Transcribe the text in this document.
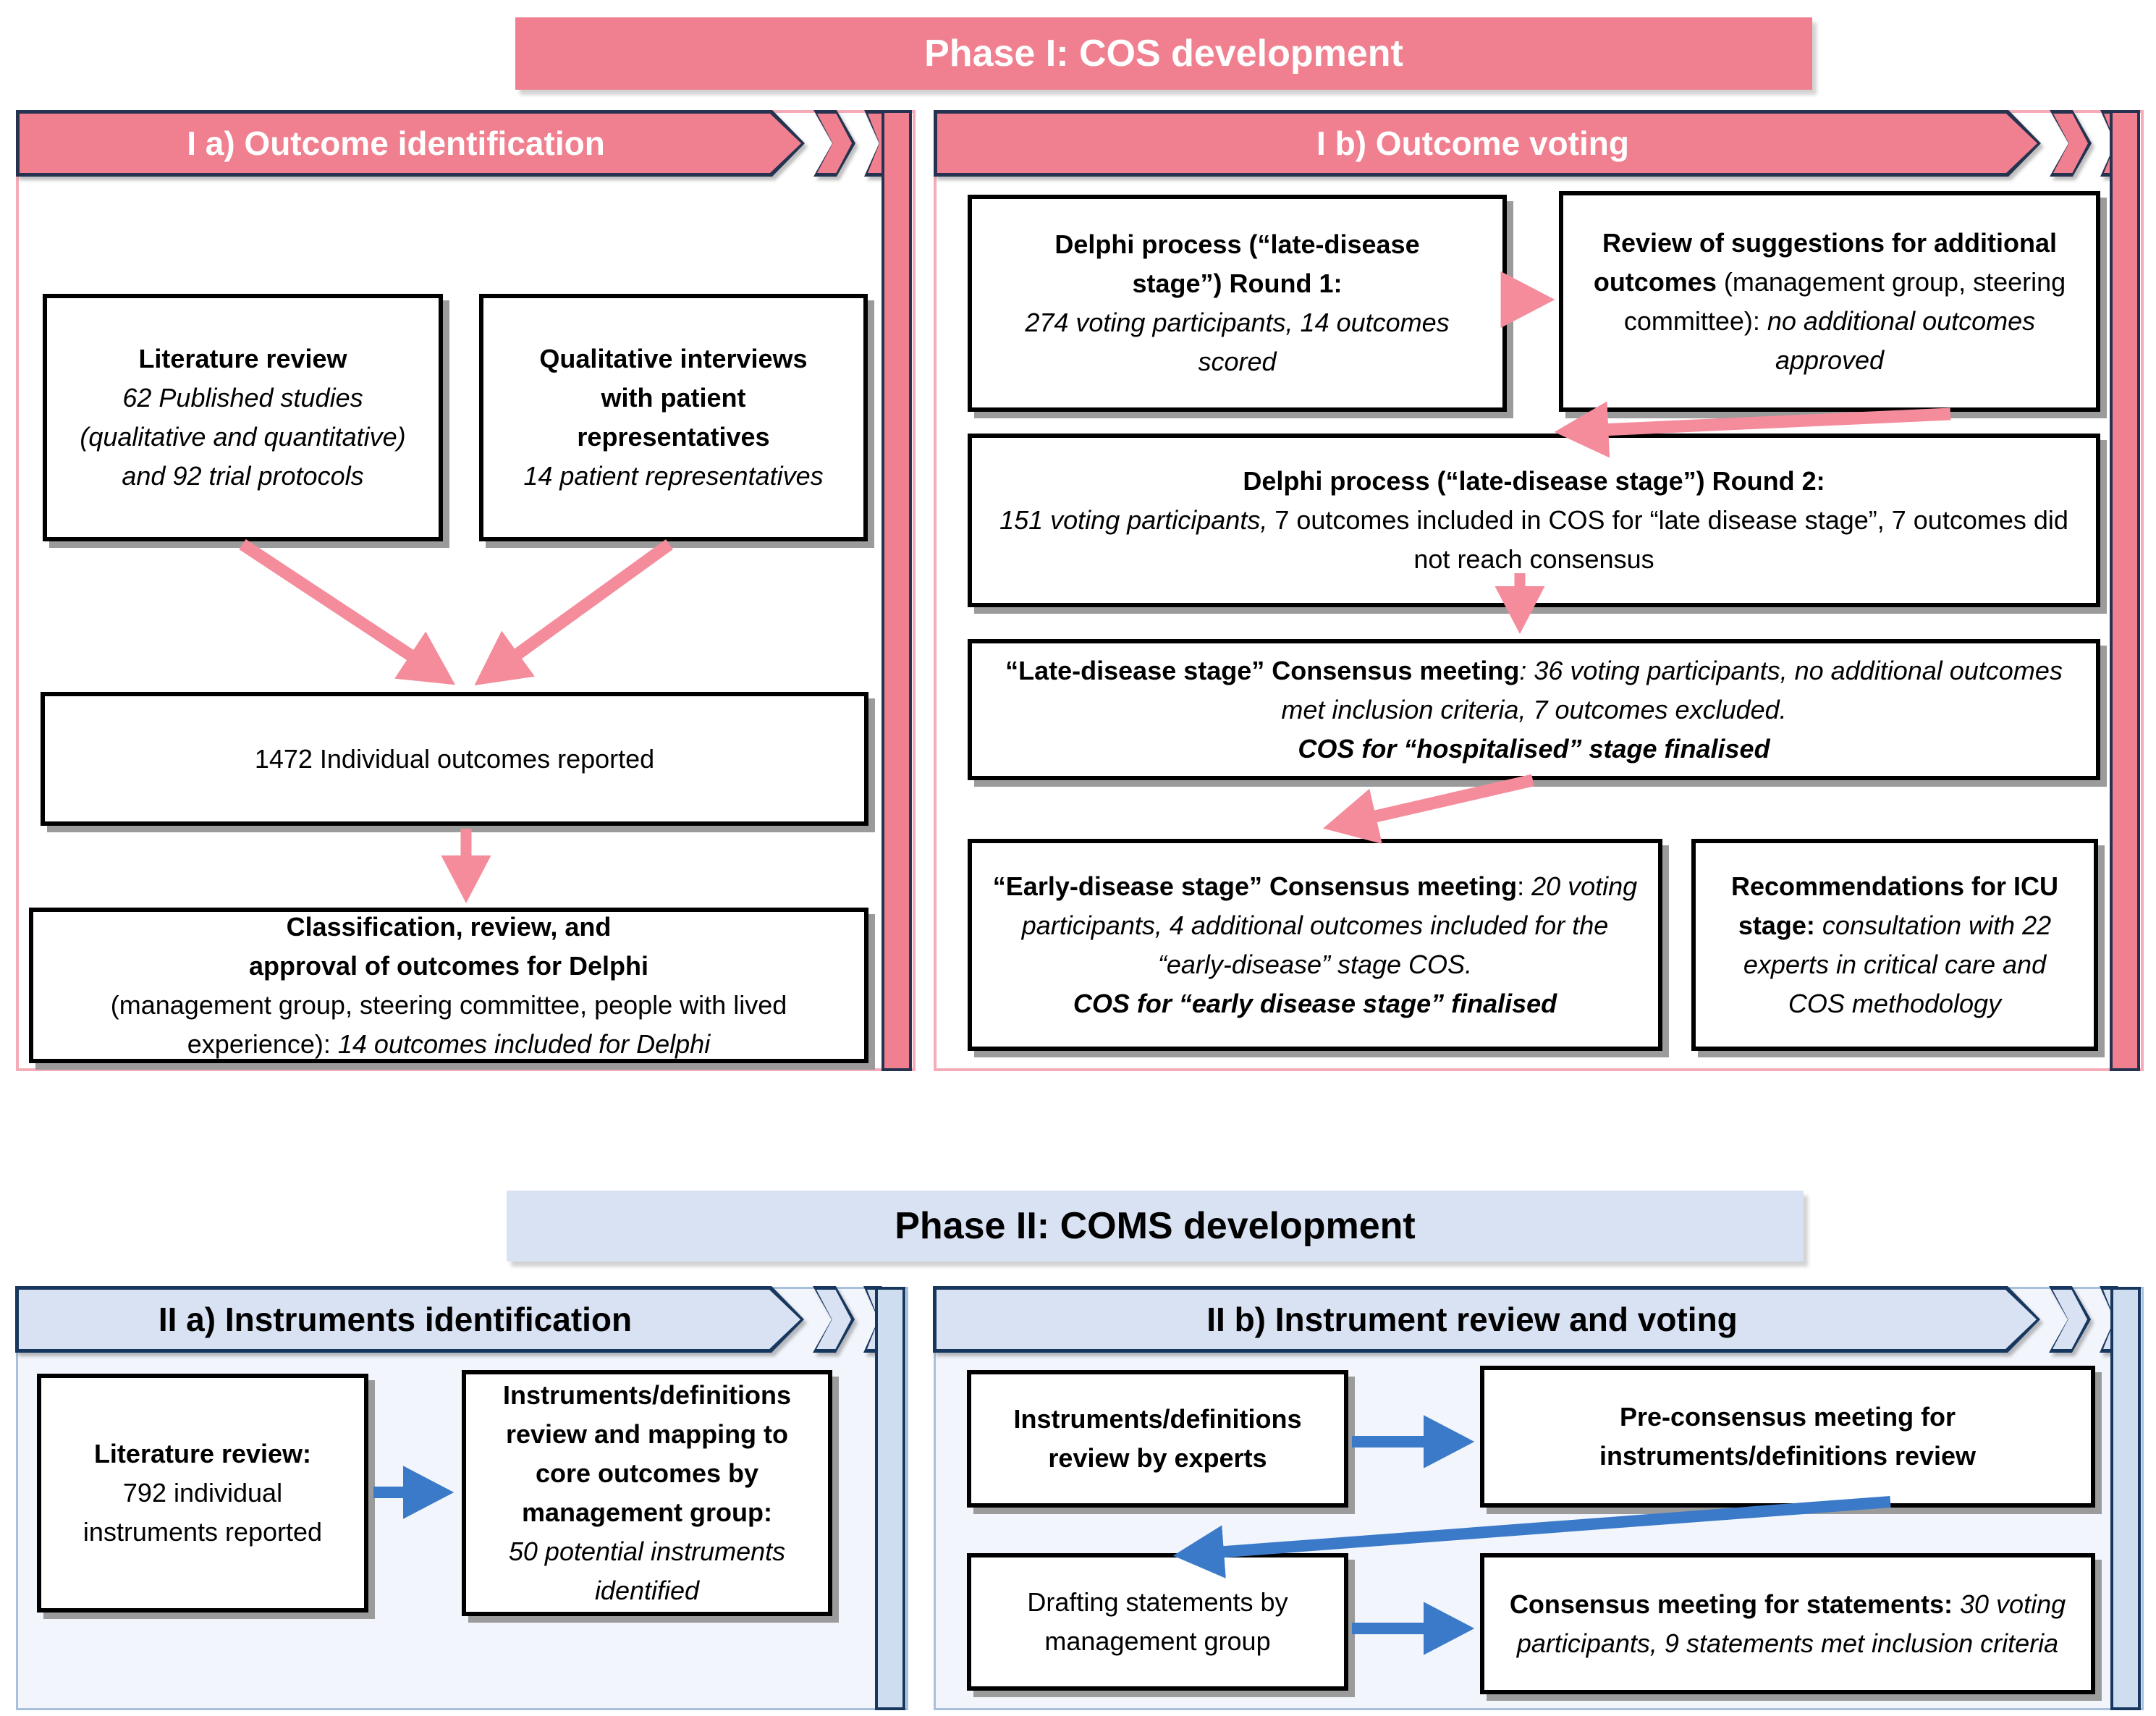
Phase I: COS development
I a) Outcome identification

Literature review

62 Published studies (qualitative and quantitative) and 92 trial protocols

Qualitative interviews with patient representatives

14 patient representatives

1472 Individual outcomes reported

Classification, review, and

approval of outcomes for Delphi

(management group, steering committee, people with lived experience): 14 outcomes included for Delphi

I b) Outcome voting

Delphi process (“late-disease stage”) Round 1:

274 voting participants, 14 outcomes scored

Review of suggestions for additional outcomes (management group, steering committee): no additional outcomes approved

Delphi process (“late-disease stage”) Round 2:

151 voting participants, 7 outcomes included in COS for “late disease stage”, 7 outcomes did not reach consensus

“Late-disease stage” Consensus meeting: 36 voting participants, no additional outcomes met inclusion criteria, 7 outcomes excluded.

COS for “hospitalised” stage finalised

“Early-disease stage” Consensus meeting: 20 voting participants, 4 additional outcomes included for the “early-disease” stage COS.

COS for “early disease stage” finalised

Recommendations for ICU stage: consultation with 22 experts in critical care and COS methodology

Phase II: COMS development
II a) Instruments identification

Literature review:

792 individual instruments reported

Instruments/definitions review and mapping to core outcomes by management group:

50 potential instruments identified

II b) Instrument review and voting

Instruments/definitions review by experts

Pre-consensus meeting for instruments/definitions review

Drafting statements by management group

Consensus meeting for statements: 30 voting participants, 9 statements met inclusion criteria
